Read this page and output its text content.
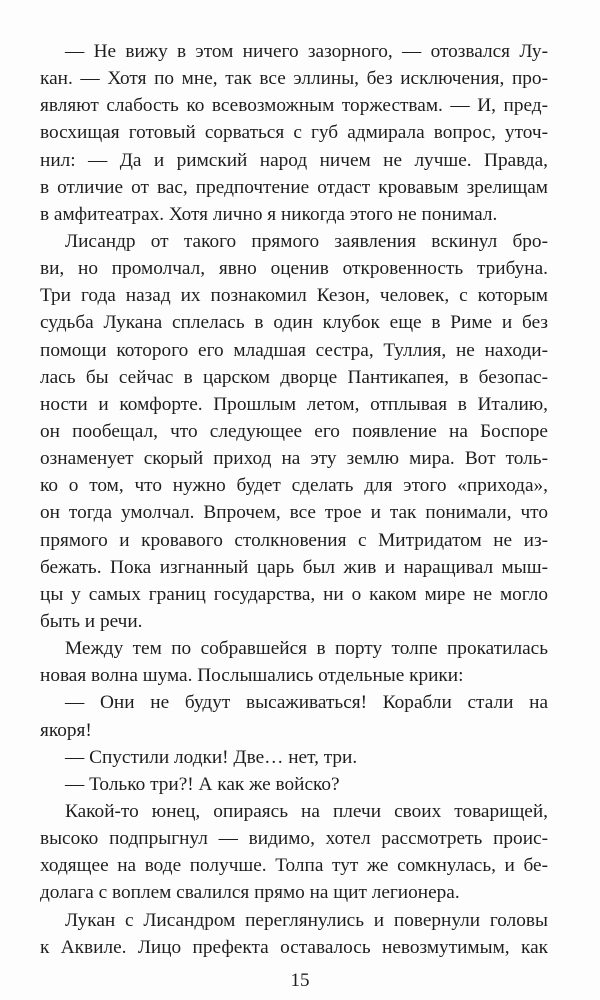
— Не вижу в этом ничего зазорного, — отозвался Лу-
кан. — Хотя по мне, так все эллины, без исключения, про-
являют слабость ко всевозможным торжествам. — И, пред-
восхищая готовый сорваться с губ адмирала вопрос, уточ-
нил: — Да и римский народ ничем не лучше. Правда,
в отличие от вас, предпочтение отдаст кровавым зрелищам
в амфитеатрах. Хотя лично я никогда этого не понимал.
Лисандр от такого прямого заявления вскинул бро-
ви, но промолчал, явно оценив откровенность трибуна.
Три года назад их познакомил Кезон, человек, с которым
судьба Лукана сплелась в один клубок еще в Риме и без
помощи которого его младшая сестра, Туллия, не находи-
лась бы сейчас в царском дворце Пантикапея, в безопас-
ности и комфорте. Прошлым летом, отплывая в Италию,
он пообещал, что следующее его появление на Боспоре
ознаменует скорый приход на эту землю мира. Вот толь-
ко о том, что нужно будет сделать для этого «прихода»,
он тогда умолчал. Впрочем, все трое и так понимали, что
прямого и кровавого столкновения с Митридатом не из-
бежать. Пока изгнанный царь был жив и наращивал мыш-
цы у самых границ государства, ни о каком мире не могло
быть и речи.
Между тем по собравшейся в порту толпе прокатилась
новая волна шума. Послышались отдельные крики:
— Они не будут высаживаться! Корабли стали на
якоря!
— Спустили лодки! Две… нет, три.
— Только три?! А как же войско?
Какой-то юнец, опираясь на плечи своих товарищей,
высоко подпрыгнул — видимо, хотел рассмотреть проис-
ходящее на воде получше. Толпа тут же сомкнулась, и бе-
долага с воплем свалился прямо на щит легионера.
Лукан с Лисандром переглянулись и повернули головы
к Аквиле. Лицо префекта оставалось невозмутимым, как
15
